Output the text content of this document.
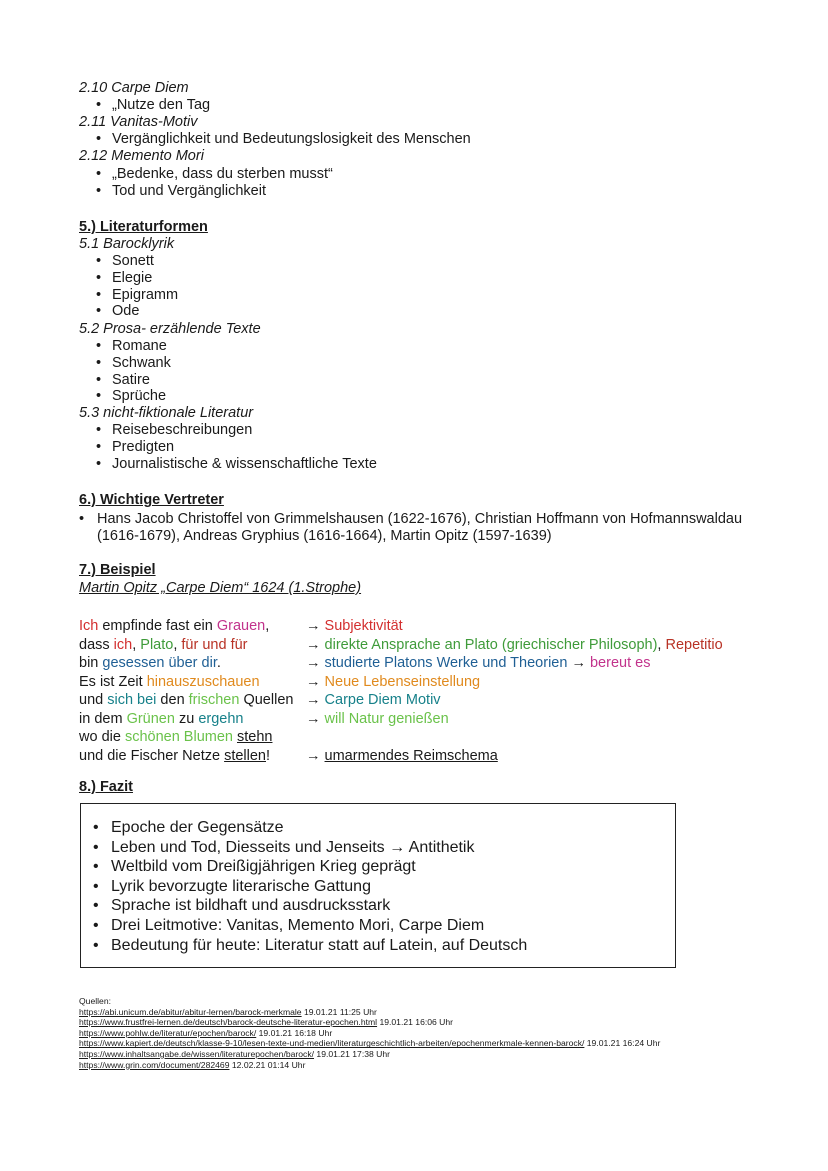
2.10 Carpe Diem
• „Nutze den Tag
2.11 Vanitas-Motiv
• Vergänglichkeit und Bedeutungslosigkeit des Menschen
2.12 Memento Mori
• „Bedenke, dass du sterben musst“
• Tod und Vergänglichkeit
5.) Literaturformen
5.1 Barocklyrik
• Sonett
• Elegie
• Epigramm
• Ode
5.2 Prosa- erzählende Texte
• Romane
• Schwank
• Satire
• Sprüche
5.3 nicht-fiktionale Literatur
• Reisebeschreibungen
• Predigten
• Journalistische & wissenschaftliche Texte
6.) Wichtige Vertreter
• Hans Jacob Christoffel von Grimmelshausen (1622-1676), Christian Hoffmann von Hofmannswaldau (1616-1679), Andreas Gryphius (1616-1664), Martin Opitz (1597-1639)
7.) Beispiel
Martin Opitz „Carpe Diem“ 1624 (1.Strophe)
Ich empfinde fast ein Grauen,	→ Subjektivität
dass ich, Plato, für und für	→ direkte Ansprache an Plato (griechischer Philosoph), Repetitio
bin gesessen über dir.	→ studierte Platons Werke und Theorien → bereut es
Es ist Zeit hinauszuschauen	→ Neue Lebenseinstellung
und sich bei den frischen Quellen → Carpe Diem Motiv
in dem Grünen zu ergehn	→ will Natur genießen
wo die schönen Blumen stehn
und die Fischer Netze stellen! → umarmendes Reimschema
8.) Fazit
• Epoche der Gegensätze
• Leben und Tod, Diesseits und Jenseits → Antithetik
• Weltbild vom Dreißigjährigen Krieg geprägt
• Lyrik bevorzugte literarische Gattung
• Sprache ist bildhaft und ausdrucksstark
• Drei Leitmotive: Vanitas, Memento Mori, Carpe Diem
• Bedeutung für heute: Literatur statt auf Latein, auf Deutsch
Quellen:
https://abi.unicum.de/abitur/abitur-lernen/barock-merkmale 19.01.21 11:25 Uhr
https://www.frustfrei-lernen.de/deutsch/barock-deutsche-literatur-epochen.html 19.01.21 16:06 Uhr
https://www.pohlw.de/literatur/epochen/barock/ 19.01.21 16:18 Uhr
https://www.kapiert.de/deutsch/klasse-9-10/lesen-texte-und-medien/literaturgeschichtlich-arbeiten/epochenmerkmale-kennen-barock/ 19.01.21 16:24 Uhr
https://www.inhaltsangabe.de/wissen/literaturepochen/barock/ 19.01.21 17:38 Uhr
https://www.grin.com/document/282469 12.02.21 01:14 Uhr
